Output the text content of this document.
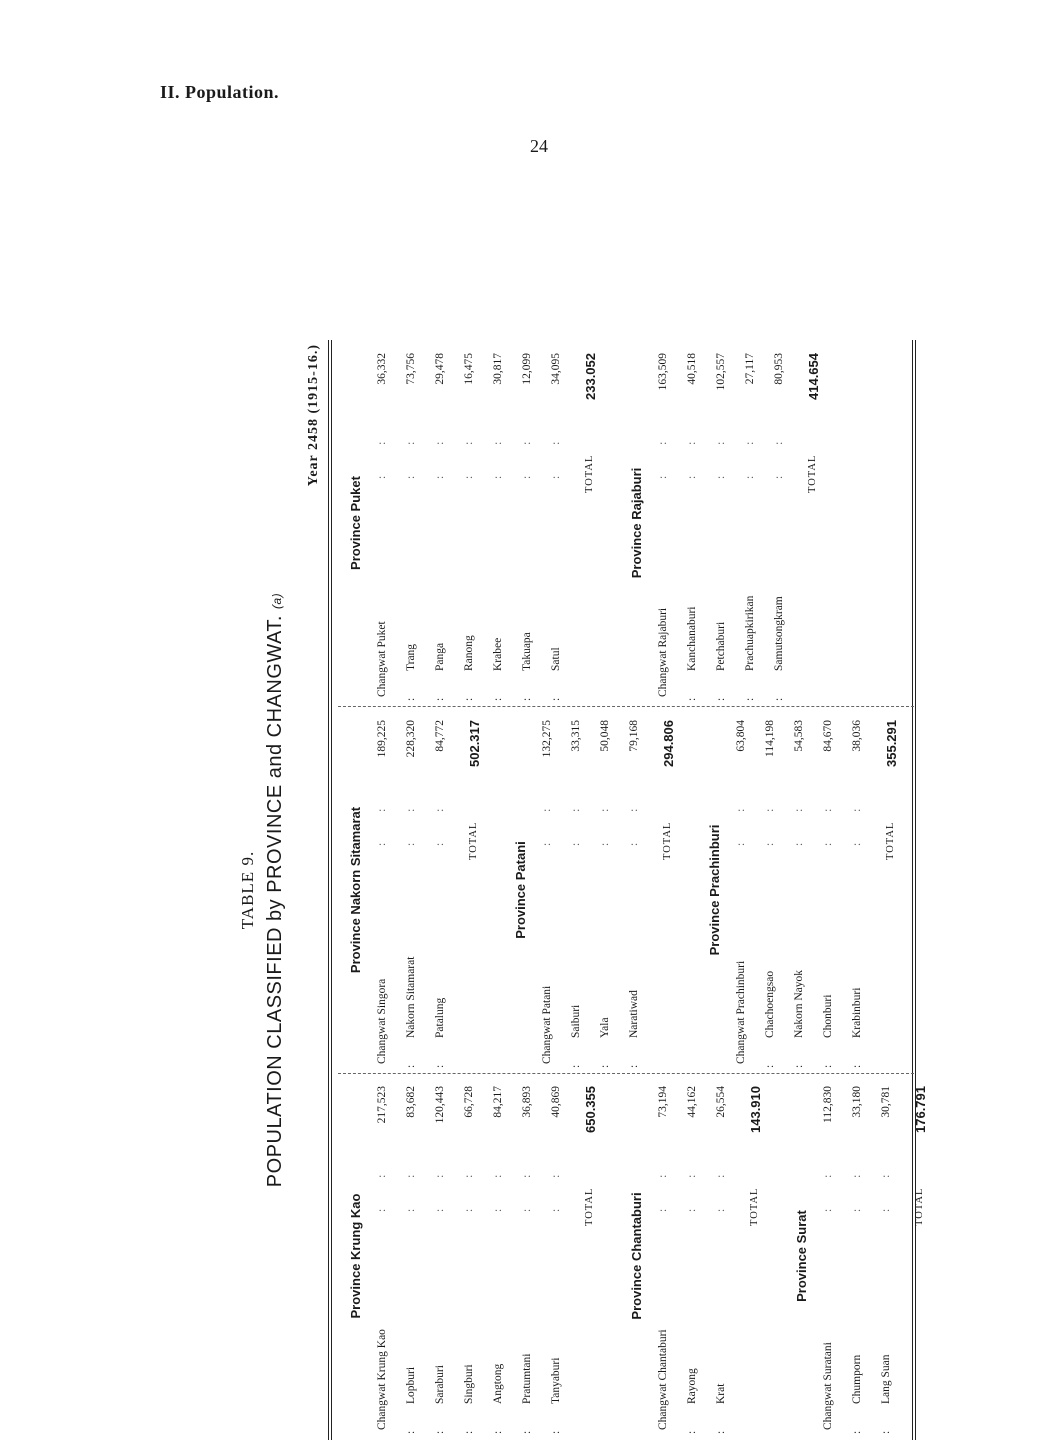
II. Population.
24
TABLE 9. POPULATION CLASSIFIED by PROVINCE and CHANGWAT. (a)
Year 2458 (1915-16.)
Province Krung Kao
Changwat Krung Kao
: :
217,523
:
Lopburi
: :
83,682
:
Saraburi
: :
120,443
:
Singburi
: :
66,728
:
Angtong
: :
84,217
:
Pratumtani
: :
36,893
:
Tanyaburi
: :
40,869
TOTAL
650.355
Province Chantaburi
Changwat Chantaburi
: :
73,194
:
Rayong
: :
44,162
:
Krat
: :
26,554
TOTAL
143.910
Province Surat
Changwat Suratani
: :
112,830
:
Chumporn
: :
33,180
:
Lang Suan
: :
30,781
TOTAL
176.791
Province Nakorn Sitamarat
Changwat Singora
: :
189,225
:
Nakorn Sitamarat
: :
228,320
:
Patalung
: :
84,772
TOTAL
502.317
Province Patani
Changwat Patani
: :
132,275
:
Saiburi
: :
33,315
:
Yala
: :
50,048
:
Naratiwad
: :
79,168
TOTAL
294.806
Province Prachinburi
Changwat Prachinburi
: :
63,804
:
Chachoengsao
: :
114,198
:
Nakorn Nayok
: :
54,583
:
Chonburi
: :
84,670
:
Krabinburi
: :
38,036
TOTAL
355.291
Province Puket
Changwat Puket
: :
36,332
:
Trang
: :
73,756
:
Panga
: :
29,478
:
Ranong
: :
16,475
:
Krabee
: :
30,817
:
Takuapa
: :
12,099
:
Satul
: :
34,095
TOTAL
233.052
Province Rajaburi
Changwat Rajaburi
: :
163,509
:
Kanchanaburi
: :
40,518
:
Petchaburi
: :
102,557
:
Prachuapkirikan
: :
27,117
:
Samutsongkram
: :
80,953
TOTAL
414.654
